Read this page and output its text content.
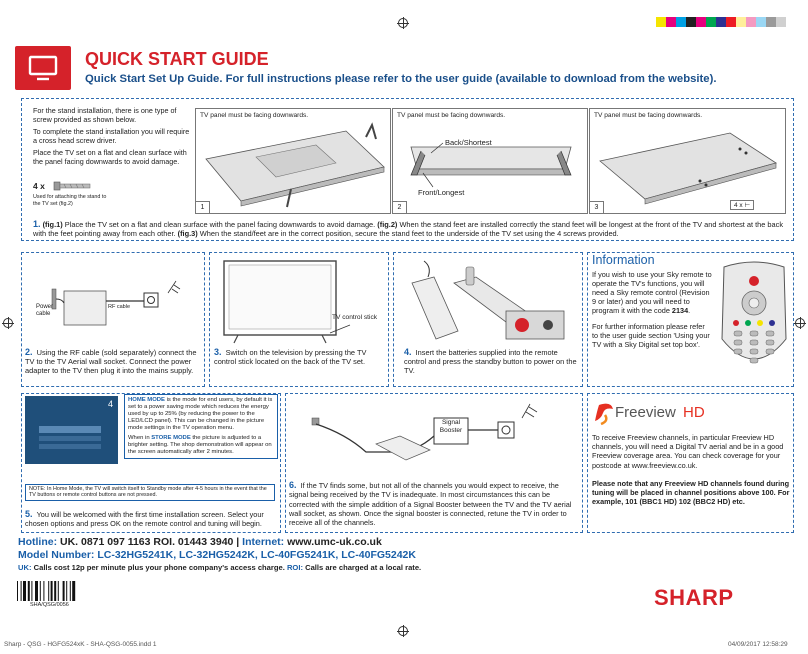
QUICK START GUIDE
Quick Start Set Up Guide. For full instructions please refer to the user guide (available to download from the website).

For the stand installation, there is one type of screw provided as shown below.

To complete the stand installation you will require a cross head screw driver.

Place the TV set on a flat and clean surface with the panel facing downwards to avoid damage.

4 x
Used for attaching the stand to the TV set (fig.2)
TV panel must be facing downwards.
1
TV panel must be facing downwards.
Back/Shortest
Front/Longest
2
TV panel must be facing downwards.
4 x ⊢
3
1. (fig.1) Place the TV set on a flat and clean surface with the panel facing downwards to avoid damage. (fig.2) When the stand feet are installed correctly the stand feet will be longest at the front of the TV and shortest at the back with the feet pointing away from each other. (fig.3) When the stand/feet are in the correct position, secure the stand feet to the underside of the TV set using the 4 screws provided.
Power cable
RF cable
2. Using the RF cable (sold separately) connect the TV to the TV Aerial wall socket. Connect the power adapter to the TV then plug it into the mains supply.
TV control stick
3. Switch on the television by pressing the TV control stick located on the back of the TV set.
4. Insert the batteries supplied into the remote control and press the standby button to power on the TV.
Information

If you wish to use your Sky remote to operate the TV's functions, you will need a Sky remote control (Revision 9 or later) and you will need to program it with the code 2134.

For further information please refer to the user guide section 'Using your TV with a Sky Digital set top box'.

4	HOME MODE is the mode for end users, by default it is set to a power saving mode which reduces the energy used by up to 25% (by reducing the power to the LED/LCD panel). This can be changed in the picture mode settings in the TV operation menu.

When in STORE MODE the picture is adjusted to a brighter setting. The shop demonstration will appear on the screen automatically after 2 minutes.

NOTE: In Home Mode, the TV will switch itself to Standby mode after 4-5 hours in the event that the TV buttons or remote control buttons are not pressed.
5. You will be welcomed with the first time installation screen. Select your chosen options and press OK on the remote control and tuning will begin.
Signal Booster
6. If the TV finds some, but not all of the channels you would expect to receive, the signal being received by the TV is inadequate. In most circumstances this can be corrected with the simple addition of a Signal Booster between the TV and the TV aerial wall socket, as shown. Once the signal booster is connected, retune the TV in order to receive all of the channels.
Freeview HD

To receive Freeview channels, in particular Freeview HD channels, you will need a Digital TV aerial and be in a good Freeview coverage area. You can check coverage for your postcode at www.freeview.co.uk.

Please note that any Freeview HD channels found during tuning will be placed in channel positions above 100. For example, 101 (BBC1 HD) 102 (BBC2 HD) etc.

Hotline: UK. 0871 097 1163 ROI. 01443 3940 | Internet: www.umc-uk.co.uk
Model Number: LC-32HG5241K, LC-32HG5242K, LC-40FG5241K, LC-40FG5242K
UK: Calls cost 12p per minute plus your phone company's access charge. ROI: Calls are charged at a local rate.
SHA/QSG/0056	SHARP
Sharp - QSG - HGFG524xK - SHA-QSG-0055.indd 1	04/09/2017 12:58:29
